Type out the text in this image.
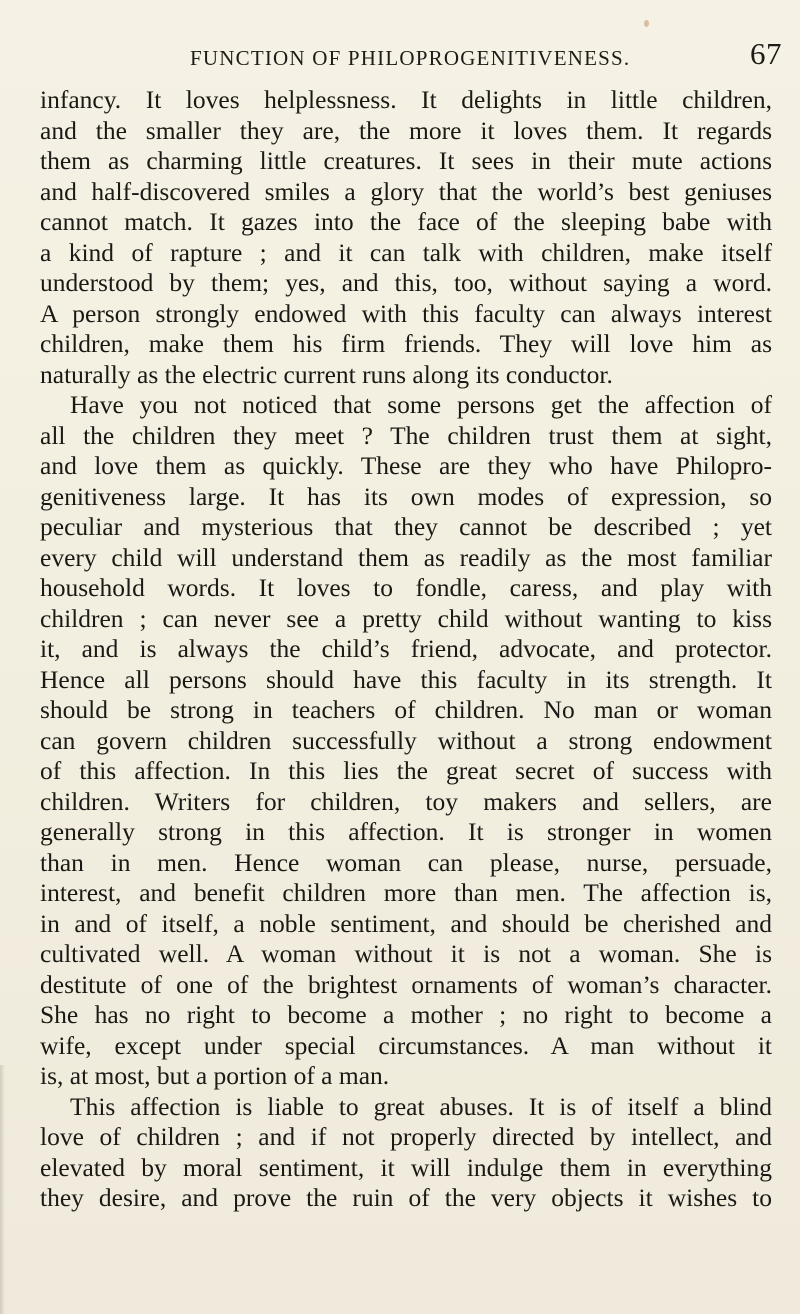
FUNCTION OF PHILOPROGENITIVENESS.	67
infancy. It loves helplessness. It delights in little children,
and the smaller they are, the more it loves them. It regards
them as charming little creatures. It sees in their mute actions
and half-discovered smiles a glory that the world’s best geniuses
cannot match. It gazes into the face of the sleeping babe with
a kind of rapture ; and it can talk with children, make itself
understood by them; yes, and this, too, without saying a word.
A person strongly endowed with this faculty can always interest
children, make them his firm friends. They will love him as
naturally as the electric current runs along its conductor.
Have you not noticed that some persons get the affection of
all the children they meet ? The children trust them at sight,
and love them as quickly. These are they who have Philopro-
genitiveness large. It has its own modes of expression, so
peculiar and mysterious that they cannot be described ; yet
every child will understand them as readily as the most familiar
household words. It loves to fondle, caress, and play with
children ; can never see a pretty child without wanting to kiss
it, and is always the child’s friend, advocate, and protector.
Hence all persons should have this faculty in its strength. It
should be strong in teachers of children. No man or woman
can govern children successfully without a strong endowment
of this affection. In this lies the great secret of success with
children. Writers for children, toy makers and sellers, are
generally strong in this affection. It is stronger in women
than in men. Hence woman can please, nurse, persuade,
interest, and benefit children more than men. The affection is,
in and of itself, a noble sentiment, and should be cherished and
cultivated well. A woman without it is not a woman. She is
destitute of one of the brightest ornaments of woman’s character.
She has no right to become a mother ; no right to become a
wife, except under special circumstances. A man without it
is, at most, but a portion of a man.
This affection is liable to great abuses. It is of itself a blind
love of children ; and if not properly directed by intellect, and
elevated by moral sentiment, it will indulge them in everything
they desire, and prove the ruin of the very objects it wishes to
